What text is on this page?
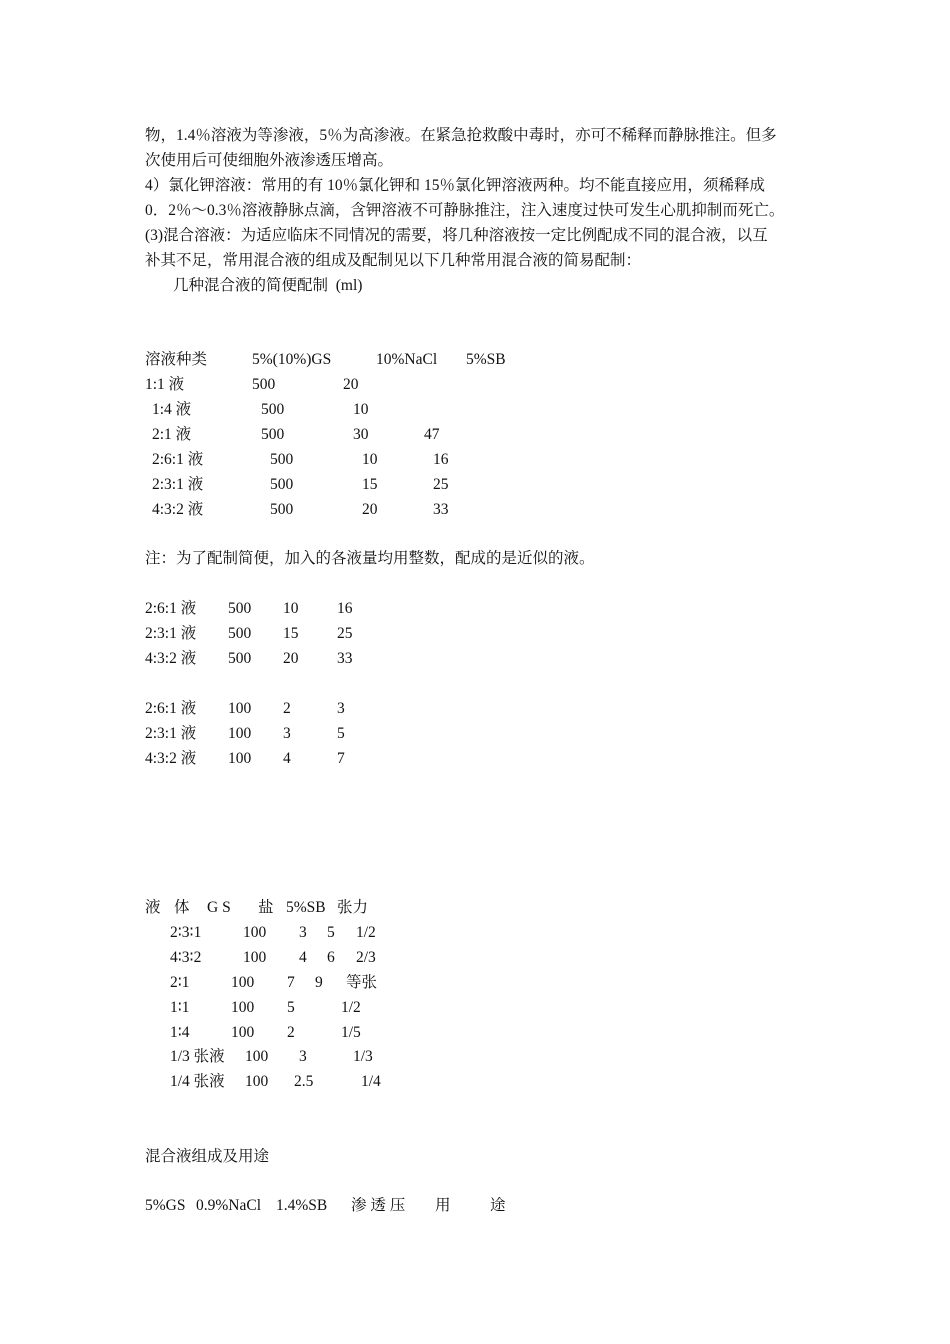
物，1.4％溶液为等渗液，5％为高渗液。在紧急抢救酸中毒时，亦可不稀释而静脉推注。但多
次使用后可使细胞外液渗透压增高。
4）氯化钾溶液：常用的有 10％氯化钾和 15％氯化钾溶液两种。均不能直接应用，须稀释成
0．2％～0.3％溶液静脉点滴，含钾溶液不可静脉推注，注入速度过快可发生心肌抑制而死亡。
(3)混合溶液：为适应临床不同情况的需要，将几种溶液按一定比例配成不同的混合液，以互
补其不足，常用混合液的组成及配制见以下几种常用混合液的简易配制：
几种混合液的简便配制  (ml)
溶液种类	5%(10%)GS	10%NaCl 5%SB
1:1 液	500	20
1:4 液	500	10
2:1 液	500	30	47
2:6:1 液	500	10	16
2:3:1 液	500	15	25
4:3:2 液	500	20	33
注：为了配制简便，加入的各液量均用整数，配成的是近似的液。
2:6:1 液 500 10 16
2:3:1 液 500 15 25
4:3:2 液 500 20 33
2:6:1 液 100 2	3
2:3:1 液 100 3	5
4:3:2 液 100 4	7
液 体 G S 盐 5%SB 张力
2∶3∶1	100 3 5 1/2
4∶3∶2	100 4 6 2/3
2∶1	100 7 9 等张
1∶1	100 5	1/2
1∶4	100 2	1/5
1/3 张液 100 3	1/3
1/4 张液 100 2.5	1/4
混合液组成及用途
5%GS 0.9%NaCl 1.4%SB 渗 透 压 用	途
